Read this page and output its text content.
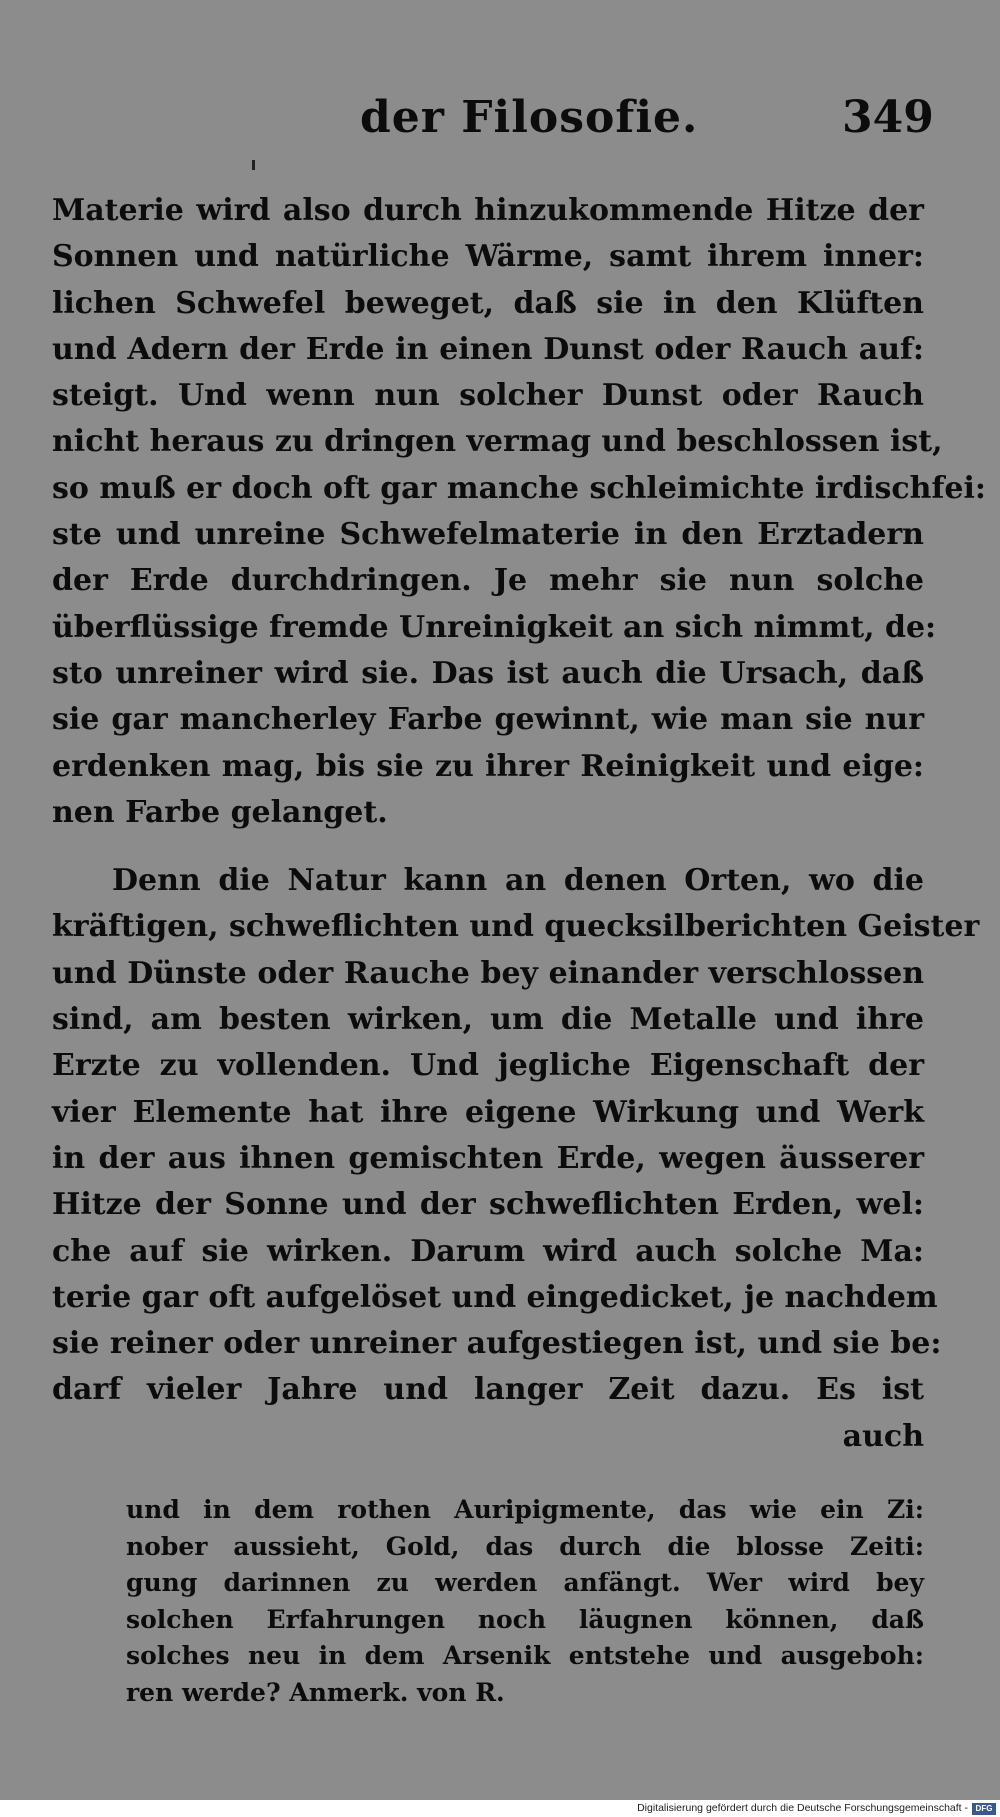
der Filosofie.	349
Materie wird also durch hinzukommende Hitze der
Sonnen und natürliche Wärme, samt ihrem inner:
lichen Schwefel beweget, daß sie in den Klüften
und Adern der Erde in einen Dunst oder Rauch auf:
steigt. Und wenn nun solcher Dunst oder Rauch
nicht heraus zu dringen vermag und beschlossen ist,
so muß er doch oft gar manche schleimichte irdischfei:
ste und unreine Schwefelmaterie in den Erztadern
der Erde durchdringen. Je mehr sie nun solche
überflüssige fremde Unreinigkeit an sich nimmt, de:
sto unreiner wird sie. Das ist auch die Ursach, daß
sie gar mancherley Farbe gewinnt, wie man sie nur
erdenken mag, bis sie zu ihrer Reinigkeit und eige:
nen Farbe gelanget.
Denn die Natur kann an denen Orten, wo die
kräftigen, schweflichten und quecksilberichten Geister
und Dünste oder Rauche bey einander verschlossen
sind, am besten wirken, um die Metalle und ihre
Erzte zu vollenden. Und jegliche Eigenschaft der
vier Elemente hat ihre eigene Wirkung und Werk
in der aus ihnen gemischten Erde, wegen äusserer
Hitze der Sonne und der schweflichten Erden, wel:
che auf sie wirken. Darum wird auch solche Ma:
terie gar oft aufgelöset und eingedicket, je nachdem
sie reiner oder unreiner aufgestiegen ist, und sie be:
darf vieler Jahre und langer Zeit dazu. Es ist
auch
und in dem rothen Auripigmente, das wie ein Zi:
nober aussieht, Gold, das durch die blosse Zeiti:
gung darinnen zu werden anfängt. Wer wird bey
solchen Erfahrungen noch läugnen können, daß
solches neu in dem Arsenik entstehe und ausgeboh:
ren werde? Anmerk. von R.
Digitalisierung gefördert durch die Deutsche Forschungsgemeinschaft - DFG
